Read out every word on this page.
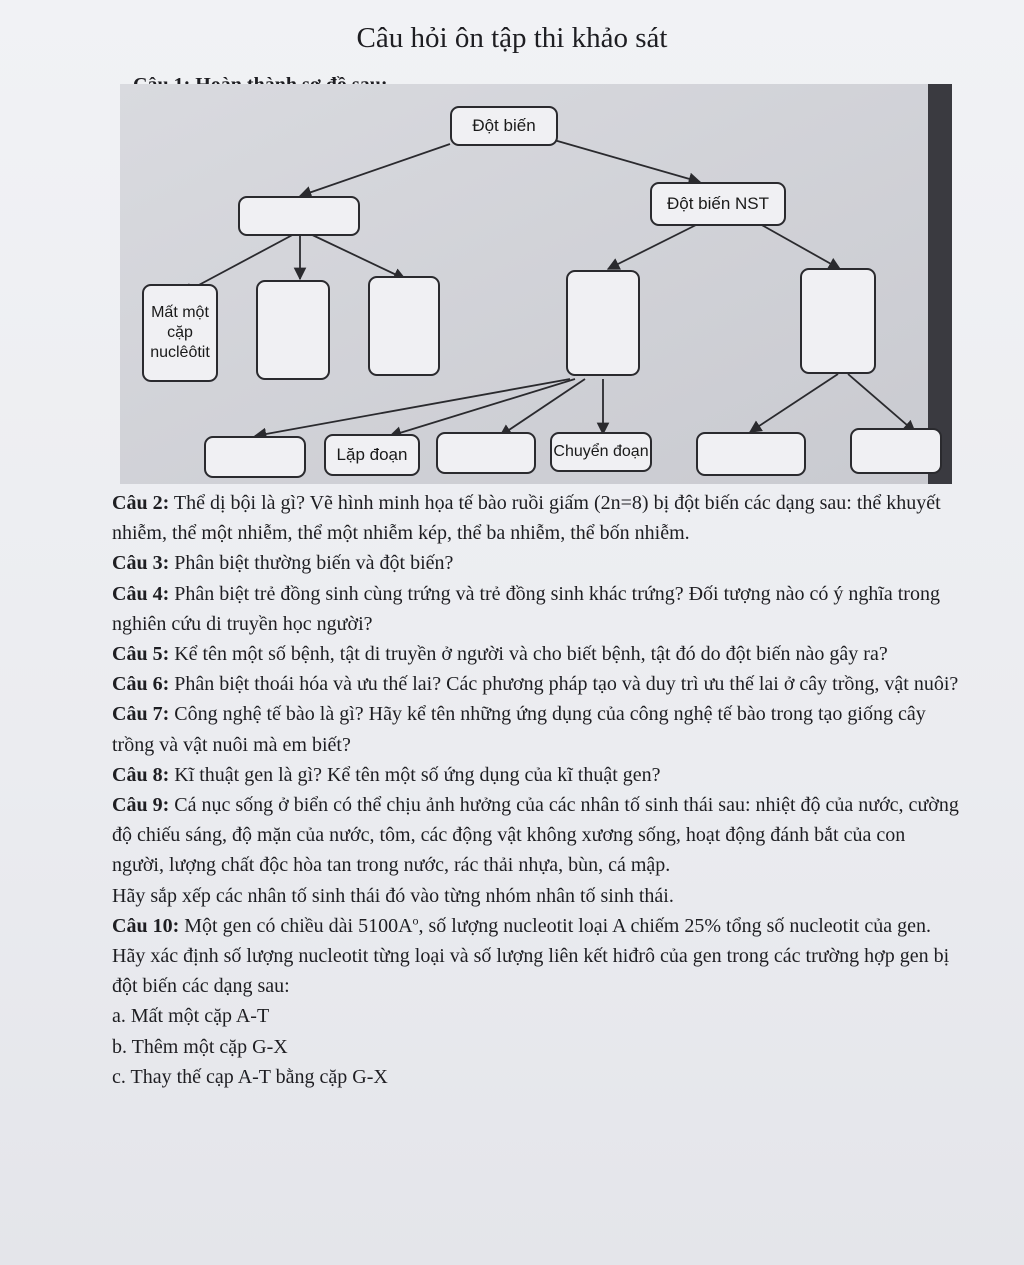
Câu hỏi ôn tập thi khảo sát
Đột biến
Đột biến NST
Mất một cặp nuclêôtit
Lặp đoạn	Chuyển đoạn

Câu 2: Thể dị bội là gì? Vẽ hình minh họa tế bào ruồi giấm (2n=8) bị đột biến các dạng sau: thể khuyết nhiễm, thể một nhiễm, thể một nhiễm kép, thể ba nhiễm, thể bốn nhiễm.

Câu 3: Phân biệt thường biến và đột biến?

Câu 4: Phân biệt trẻ đồng sinh cùng trứng và trẻ đồng sinh khác trứng? Đối tượng nào có ý nghĩa trong nghiên cứu di truyền học người?

Câu 5: Kể tên một số bệnh, tật di truyền ở người và cho biết bệnh, tật đó do đột biến nào gây ra?

Câu 6: Phân biệt thoái hóa và ưu thế lai? Các phương pháp tạo và duy trì ưu thế lai ở cây trồng, vật nuôi?

Câu 7: Công nghệ tế bào là gì? Hãy kể tên những ứng dụng của công nghệ tế bào trong tạo giống cây trồng và vật nuôi mà em biết?

Câu 8: Kĩ thuật gen là gì? Kể tên một số ứng dụng của kĩ thuật gen?

Câu 9: Cá nục sống ở biển có thể chịu ảnh hưởng của các nhân tố sinh thái sau: nhiệt độ của nước, cường độ chiếu sáng, độ mặn của nước, tôm, các động vật không xương sống, hoạt động đánh bắt của con người, lượng chất độc hòa tan trong nước, rác thải nhựa, bùn, cá mập.

Hãy sắp xếp các nhân tố sinh thái đó vào từng nhóm nhân tố sinh thái.

Câu 10: Một gen có chiều dài $5100A^o$, số lượng nucleotit loại A chiếm 25% tổng số nucleotit của gen. Hãy xác định số lượng nucleotit từng loại và số lượng liên kết hiđrô của gen trong các trường hợp gen bị đột biến các dạng sau:

a. Mất một cặp A-T

b. Thêm một cặp G-X

c. Thay thế cạp A-T bằng cặp G-X
